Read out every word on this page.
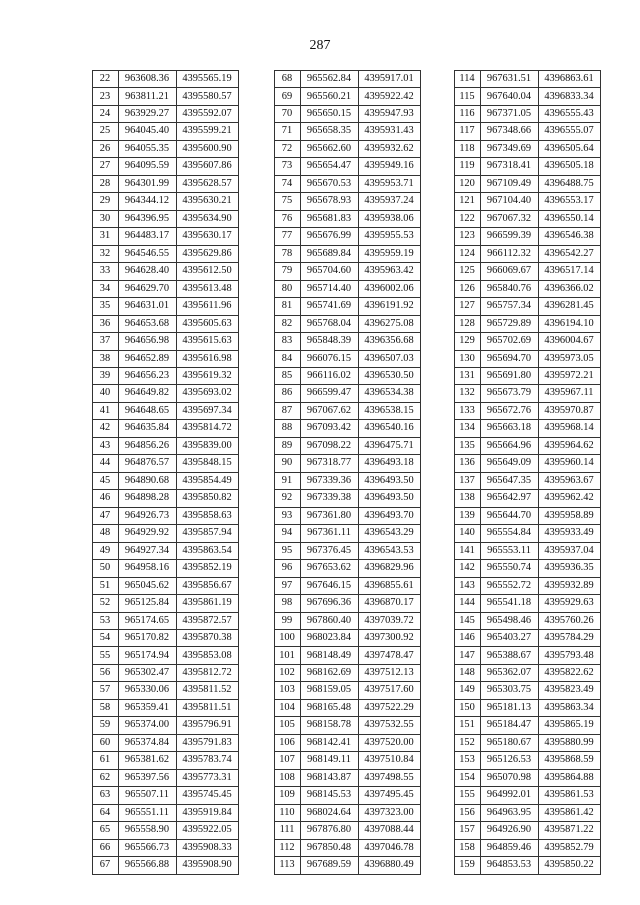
287
22	963608.36	4395565.19
23	963811.21	4395580.57
24	963929.27	4395592.07
25	964045.40	4395599.21
26	964055.35	4395600.90
27	964095.59	4395607.86
28	964301.99	4395628.57
29	964344.12	4395630.21
30	964396.95	4395634.90
31	964483.17	4395630.17
32	964546.55	4395629.86
33	964628.40	4395612.50
34	964629.70	4395613.48
35	964631.01	4395611.96
36	964653.68	4395605.63
37	964656.98	4395615.63
38	964652.89	4395616.98
39	964656.23	4395619.32
40	964649.82	4395693.02
41	964648.65	4395697.34
42	964635.84	4395814.72
43	964856.26	4395839.00
44	964876.57	4395848.15
45	964890.68	4395854.49
46	964898.28	4395850.82
47	964926.73	4395858.63
48	964929.92	4395857.94
49	964927.34	4395863.54
50	964958.16	4395852.19
51	965045.62	4395856.67
52	965125.84	4395861.19
53	965174.65	4395872.57
54	965170.82	4395870.38
55	965174.94	4395853.08
56	965302.47	4395812.72
57	965330.06	4395811.52
58	965359.41	4395811.51
59	965374.00	4395796.91
60	965374.84	4395791.83
61	965381.62	4395783.74
62	965397.56	4395773.31
63	965507.11	4395745.45
64	965551.11	4395919.84
65	965558.90	4395922.05
66	965566.73	4395908.33
67	965566.88	4395908.90
68	965562.84	4395917.01
69	965560.21	4395922.42
70	965650.15	4395947.93
71	965658.35	4395931.43
72	965662.60	4395932.62
73	965654.47	4395949.16
74	965670.53	4395953.71
75	965678.93	4395937.24
76	965681.83	4395938.06
77	965676.99	4395955.53
78	965689.84	4395959.19
79	965704.60	4395963.42
80	965714.40	4396002.06
81	965741.69	4396191.92
82	965768.04	4396275.08
83	965848.39	4396356.68
84	966076.15	4396507.03
85	966116.02	4396530.50
86	966599.47	4396534.38
87	967067.62	4396538.15
88	967093.42	4396540.16
89	967098.22	4396475.71
90	967318.77	4396493.18
91	967339.36	4396493.50
92	967339.38	4396493.50
93	967361.80	4396493.70
94	967361.11	4396543.29
95	967376.45	4396543.53
96	967653.62	4396829.96
97	967646.15	4396855.61
98	967696.36	4396870.17
99	967860.40	4397039.72
100	968023.84	4397300.92
101	968148.49	4397478.47
102	968162.69	4397512.13
103	968159.05	4397517.60
104	968165.48	4397522.29
105	968158.78	4397532.55
106	968142.41	4397520.00
107	968149.11	4397510.84
108	968143.87	4397498.55
109	968145.53	4397495.45
110	968024.64	4397323.00
111	967876.80	4397088.44
112	967850.48	4397046.78
113	967689.59	4396880.49
114	967631.51	4396863.61
115	967640.04	4396833.34
116	967371.05	4396555.43
117	967348.66	4396555.07
118	967349.69	4396505.64
119	967318.41	4396505.18
120	967109.49	4396488.75
121	967104.40	4396553.17
122	967067.32	4396550.14
123	966599.39	4396546.38
124	966112.32	4396542.27
125	966069.67	4396517.14
126	965840.76	4396366.02
127	965757.34	4396281.45
128	965729.89	4396194.10
129	965702.69	4396004.67
130	965694.70	4395973.05
131	965691.80	4395972.21
132	965673.79	4395967.11
133	965672.76	4395970.87
134	965663.18	4395968.14
135	965664.96	4395964.62
136	965649.09	4395960.14
137	965647.35	4395963.67
138	965642.97	4395962.42
139	965644.70	4395958.89
140	965554.84	4395933.49
141	965553.11	4395937.04
142	965550.74	4395936.35
143	965552.72	4395932.89
144	965541.18	4395929.63
145	965498.46	4395760.26
146	965403.27	4395784.29
147	965388.67	4395793.48
148	965362.07	4395822.62
149	965303.75	4395823.49
150	965181.13	4395863.34
151	965184.47	4395865.19
152	965180.67	4395880.99
153	965126.53	4395868.59
154	965070.98	4395864.88
155	964992.01	4395861.53
156	964963.95	4395861.42
157	964926.90	4395871.22
158	964859.46	4395852.79
159	964853.53	4395850.22
